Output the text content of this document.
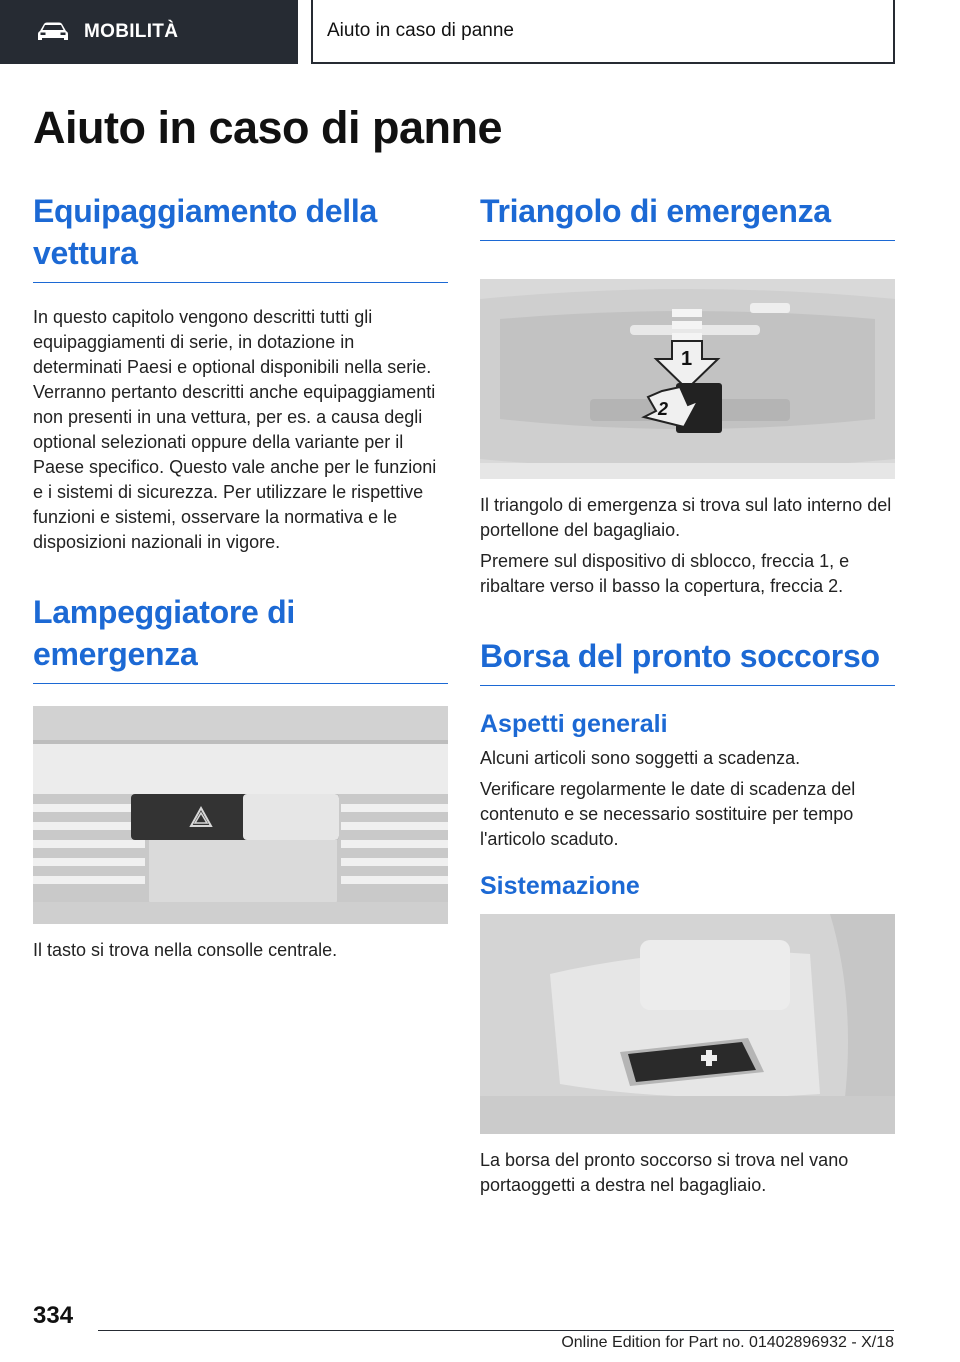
MOBILITÀ	Aiuto in caso di panne
Aiuto in caso di panne
Equipaggiamento della vettura

In questo capitolo vengono descritti tutti gli equipaggiamenti di serie, in dotazione in determinati Paesi e optional disponibili nella serie. Verranno pertanto descritti anche equipaggiamenti non presenti in una vettura, per es. a causa degli optional selezionati oppure della variante per il Paese specifico. Questo vale anche per le funzioni e i sistemi di sicurezza. Per utilizzare le rispettive funzioni e sistemi, osservare la normativa e le disposizioni nazionali in vigore.

Lampeggiatore di emergenza

Il tasto si trova nella consolle centrale.

Triangolo di emergenza
1
2

Il triangolo di emergenza si trova sul lato interno del portellone del bagagliaio.

Premere sul dispositivo di sblocco, freccia 1, e ribaltare verso il basso la copertura, freccia 2.

Borsa del pronto soccorso
Aspetti generali

Alcuni articoli sono soggetti a scadenza.

Verificare regolarmente le date di scadenza del contenuto e se necessario sostituire per tempo l'articolo scaduto.

Sistemazione

La borsa del pronto soccorso si trova nel vano portaoggetti a destra nel bagagliaio.

334
Online Edition for Part no. 01402896932 - X/18
